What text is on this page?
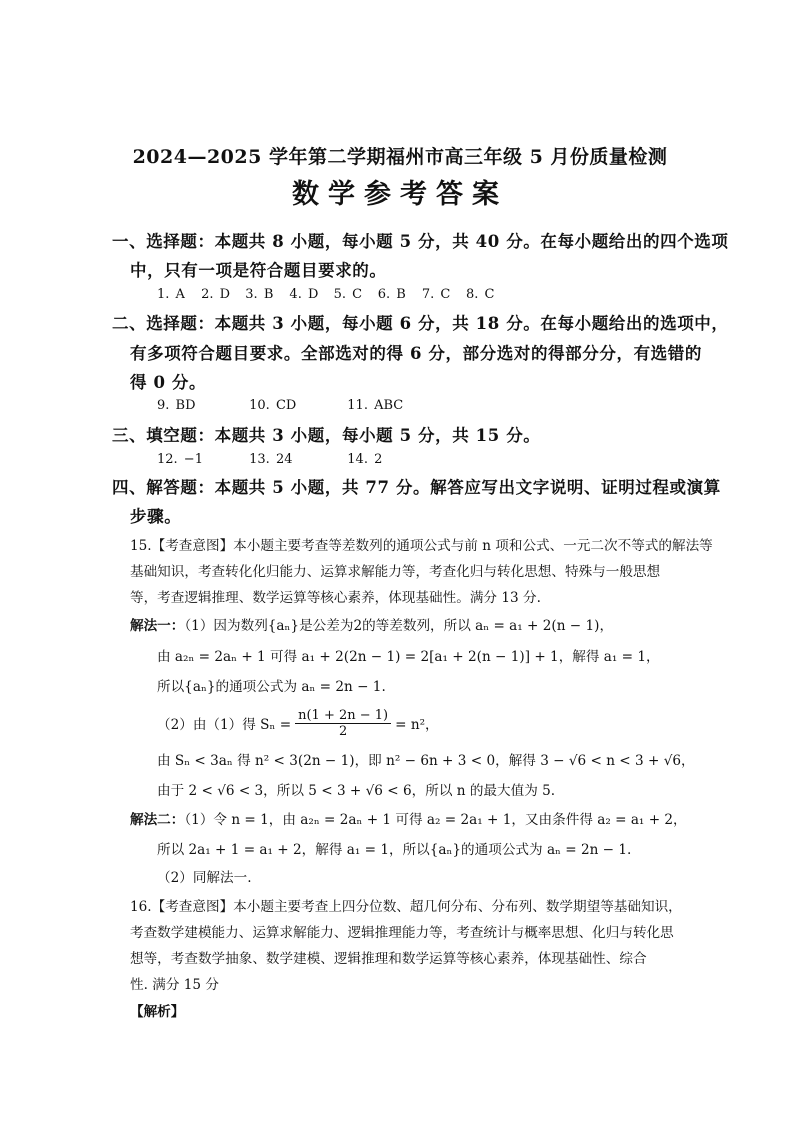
2024—2025 学年第二学期福州市高三年级 5 月份质量检测
数学参考答案
一、选择题：本题共 8 小题，每小题 5 分，共 40 分。在每小题给出的四个选项
中，只有一项是符合题目要求的。
1. A 2. D 3. B 4. D 5. C 6. B 7. C 8. C
二、选择题：本题共 3 小题，每小题 6 分，共 18 分。在每小题给出的选项中，
有多项符合题目要求。全部选对的得 6 分，部分选对的得部分分，有选错的
得 0 分。
9. BD	10. CD	11. ABC
三、填空题：本题共 3 小题，每小题 5 分，共 15 分。
12. −1	13. 24	14. 2
四、解答题：本题共 5 小题，共 77 分。解答应写出文字说明、证明过程或演算
步骤。
15.【考查意图】本小题主要考查等差数列的通项公式与前 n 项和公式、一元二次不等式的解法等
基础知识，考查转化化归能力、运算求解能力等，考查化归与转化思想、特殊与一般思想
等，考查逻辑推理、数学运算等核心素养，体现基础性。满分 13 分.
解法一：（1）因为数列{aₙ}是公差为2的等差数列，所以 aₙ = a₁ + 2(n − 1)，
由 a₂ₙ = 2aₙ + 1 可得 a₁ + 2(2n − 1) = 2[a₁ + 2(n − 1)] + 1，解得 a₁ = 1，
所以{aₙ}的通项公式为 aₙ = 2n − 1.
（2）由（1）得 $S_n = \frac{n(1 + 2n - 1)}{2} = n^2$，
由 Sₙ < 3aₙ 得 n² < 3(2n − 1)，即 n² − 6n + 3 < 0，解得 3 − √6 < n < 3 + √6，
由于 2 < √6 < 3，所以 5 < 3 + √6 < 6，所以 n 的最大值为 5.
解法二：（1）令 n = 1，由 a₂ₙ = 2aₙ + 1 可得 a₂ = 2a₁ + 1，又由条件得 a₂ = a₁ + 2，
所以 2a₁ + 1 = a₁ + 2，解得 a₁ = 1，所以{aₙ}的通项公式为 aₙ = 2n − 1.
（2）同解法一.
16.【考查意图】本小题主要考查上四分位数、超几何分布、分布列、数学期望等基础知识，
考查数学建模能力、运算求解能力、逻辑推理能力等，考查统计与概率思想、化归与转化思
想等，考查数学抽象、数学建模、逻辑推理和数学运算等核心素养，体现基础性、综合
性. 满分 15 分
【解析】
